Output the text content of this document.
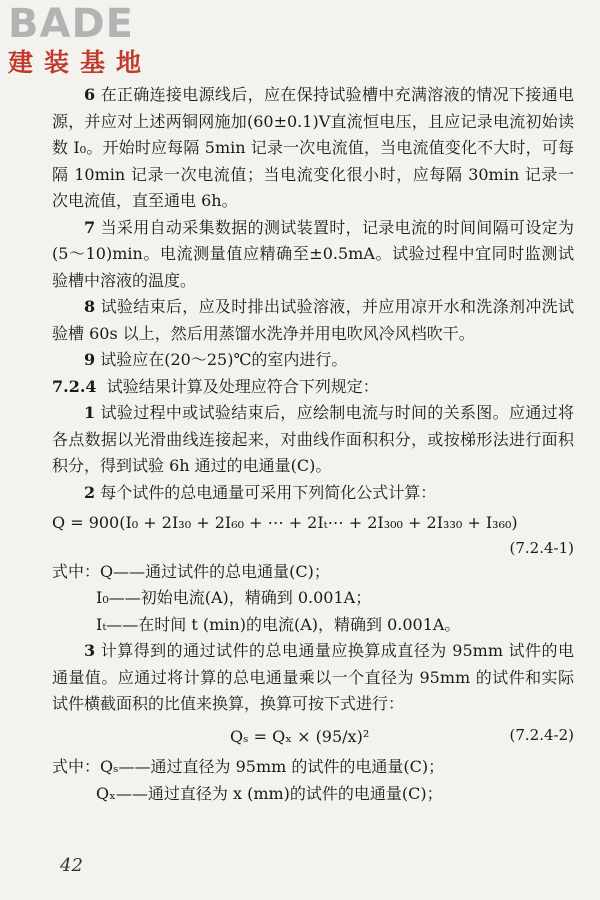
BADE
建装基地

6 在正确连接电源线后，应在保持试验槽中充满溶液的情况下接通电源，并应对上述两铜网施加(60±0.1)V直流恒电压，且应记录电流初始读数 I₀。开始时应每隔 5min 记录一次电流值，当电流值变化不大时，可每隔 10min 记录一次电流值；当电流变化很小时，应每隔 30min 记录一次电流值，直至通电 6h。

7 当采用自动采集数据的测试装置时，记录电流的时间间隔可设定为(5～10)min。电流测量值应精确至±0.5mA。试验过程中宜同时监测试验槽中溶液的温度。

8 试验结束后，应及时排出试验溶液，并应用凉开水和洗涤剂冲洗试验槽 60s 以上，然后用蒸馏水洗净并用电吹风冷风档吹干。

9 试验应在(20～25)℃的室内进行。

7.2.4 试验结果计算及处理应符合下列规定：

1 试验过程中或试验结束后，应绘制电流与时间的关系图。应通过将各点数据以光滑曲线连接起来，对曲线作面积积分，或按梯形法进行面积积分，得到试验 6h 通过的电通量(C)。

2 每个试件的总电通量可采用下列简化公式计算：

Q = 900(I₀ + 2I₃₀ + 2I₆₀ + ⋯ + 2Iₜ⋯ + 2I₃₀₀ + 2I₃₃₀ + I₃₆₀)
(7.2.4-1)
式中：Q——通过试件的总电通量(C)；
I₀——初始电流(A)，精确到 0.001A；
Iₜ——在时间 t (min)的电流(A)，精确到 0.001A。

3 计算得到的通过试件的总电通量应换算成直径为 95mm 试件的电通量值。应通过将计算的总电通量乘以一个直径为 95mm 的试件和实际试件横截面积的比值来换算，换算可按下式进行：

Qₛ = Qₓ × (95/x)²	(7.2.4-2)
式中：Qₛ——通过直径为 95mm 的试件的电通量(C)；
Qₓ——通过直径为 x (mm)的试件的电通量(C)；
42
